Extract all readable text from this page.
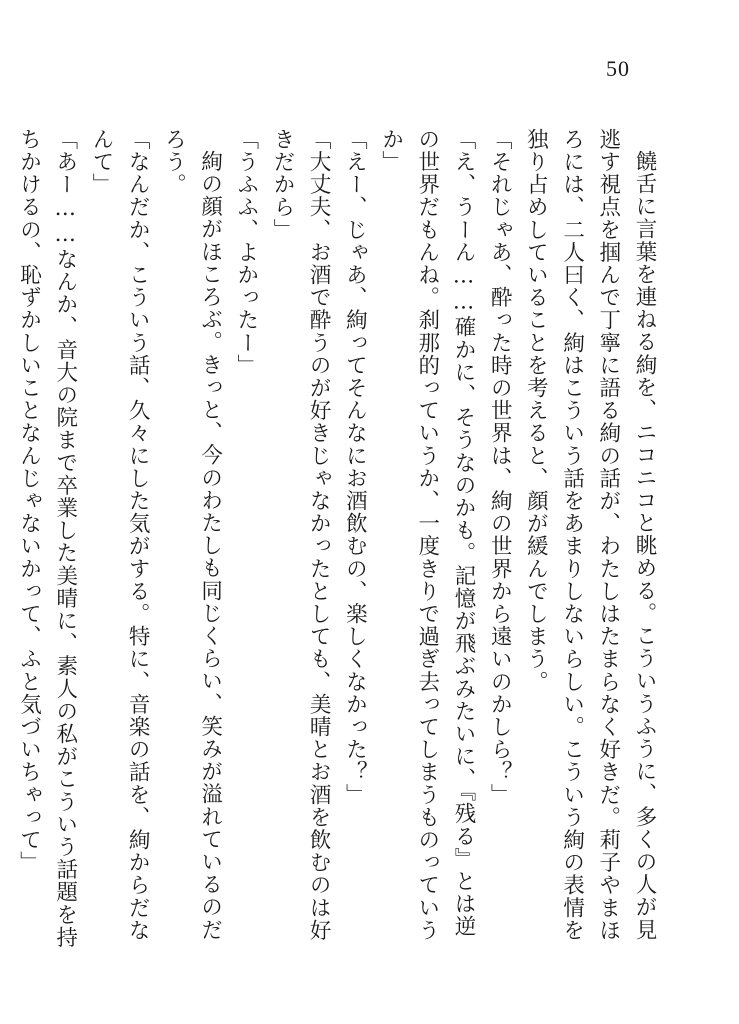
50

饒舌に言葉を連ねる絢を、ニコニコと眺める。こういうふうに、多くの人が見逃す視点を掴んで丁寧に語る絢の話が、わたしはたまらなく好きだ。莉子やまほろには、二人曰く、絢はこういう話をあまりしないらしい。こういう絢の表情を独り占めしていることを考えると、顔が緩んでしまう。

「それじゃあ、酔った時の世界は、絢の世界から遠いのかしら？」

「え、うーん……確かに、そうなのかも。記憶が飛ぶみたいに、『残る』とは逆の世界だもんね。刹那的っていうか、一度きりで過ぎ去ってしまうものっていうか」

「えー、じゃあ、絢ってそんなにお酒飲むの、楽しくなかった？」

「大丈夫、お酒で酔うのが好きじゃなかったとしても、美晴とお酒を飲むのは好きだから」

「うふふ、よかったー」

絢の顔がほころぶ。きっと、今のわたしも同じくらい、笑みが溢れているのだろう。

「なんだか、こういう話、久々にした気がする。特に、音楽の話を、絢からだなんて」

「あー……なんか、音大の院まで卒業した美晴に、素人の私がこういう話題を持ちかけるの、恥ずかしいことなんじゃないかって、ふと気づいちゃって」
